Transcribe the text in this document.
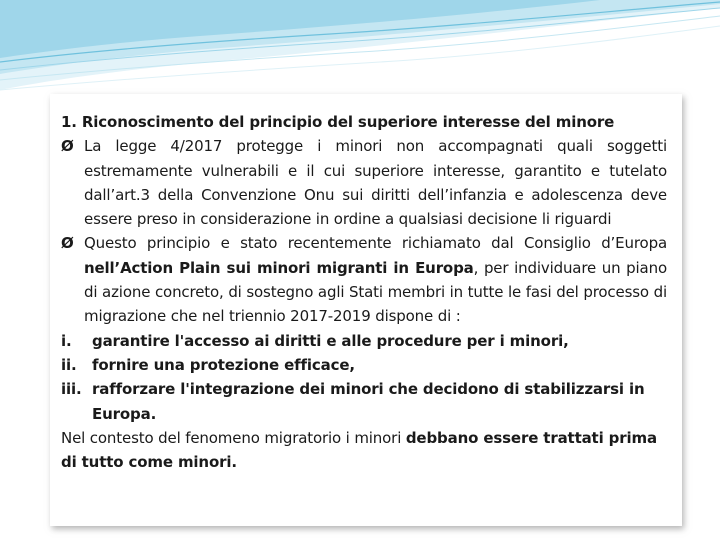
1. Riconoscimento del principio del superiore interesse del minore

Ø La legge 4/2017 protegge i minori non accompagnati quali soggetti estremamente vulnerabili e il cui superiore interesse, garantito e tutelato dall’art.3 della Convenzione Onu sui diritti dell’infanzia e adolescenza deve essere preso in considerazione in ordine a qualsiasi decisione li riguardi
Ø Questo principio e stato recentemente richiamato dal Consiglio d’Europa nell’Action Plain sui minori migranti in Europa, per individuare un piano di azione concreto, di sostegno agli Stati membri in tutte le fasi del processo di migrazione che nel triennio 2017-2019 dispone di :
i. garantire l'accesso ai diritti e alle procedure per i minori,
ii. fornire una protezione efficace,
iii. rafforzare l'integrazione dei minori che decidono di stabilizzarsi in Europa.

Nel contesto del fenomeno migratorio i minori debbano essere trattati prima di tutto come minori.
